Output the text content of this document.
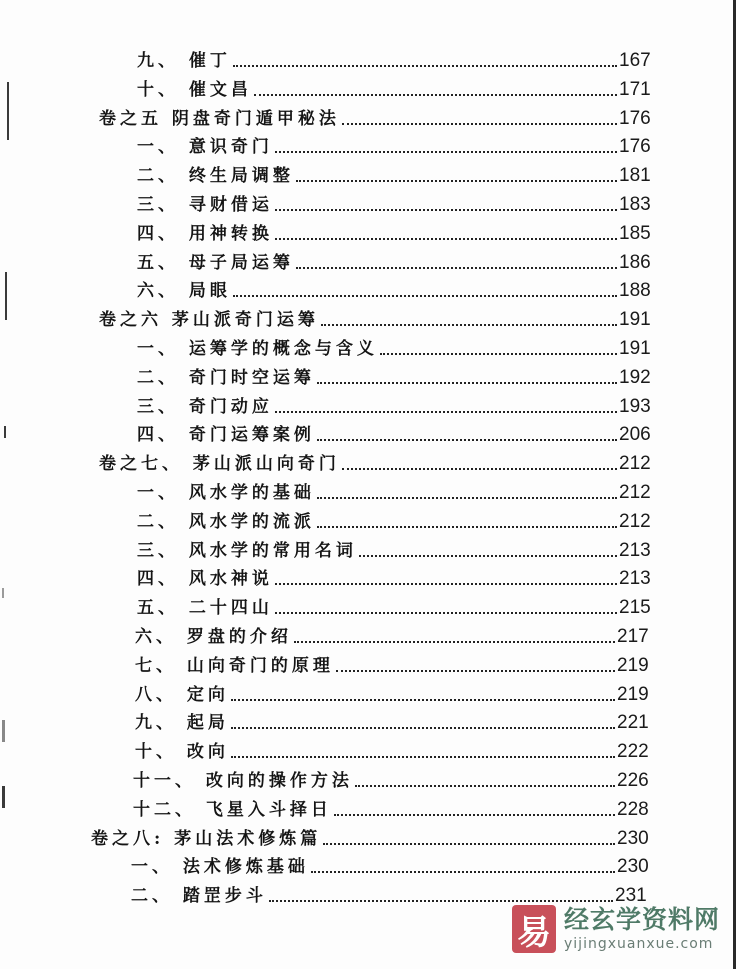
九、 催丁	167
十、 催文昌	171
卷之五 阴盘奇门遁甲秘法	176
一、 意识奇门	176
二、 终生局调整	181
三、 寻财借运	183
四、 用神转换	185
五、 母子局运筹	186
六、 局眼	188
卷之六 茅山派奇门运筹	191
一、 运筹学的概念与含义	191
二、 奇门时空运筹	192
三、 奇门动应	193
四、 奇门运筹案例	206
卷之七、 茅山派山向奇门	212
一、 风水学的基础	212
二、 风水学的流派	212
三、 风水学的常用名词	213
四、 风水神说	213
五、 二十四山	215
六、 罗盘的介绍	217
七、 山向奇门的原理	219
八、 定向	219
九、 起局	221
十、 改向	222
十一、 改向的操作方法	226
十二、 飞星入斗择日	228
卷之八: 茅山法术修炼篇	230
一、 法术修炼基础	230
二、 踏罡步斗	231
易 经玄学资料网
yijingxuanxue.com
